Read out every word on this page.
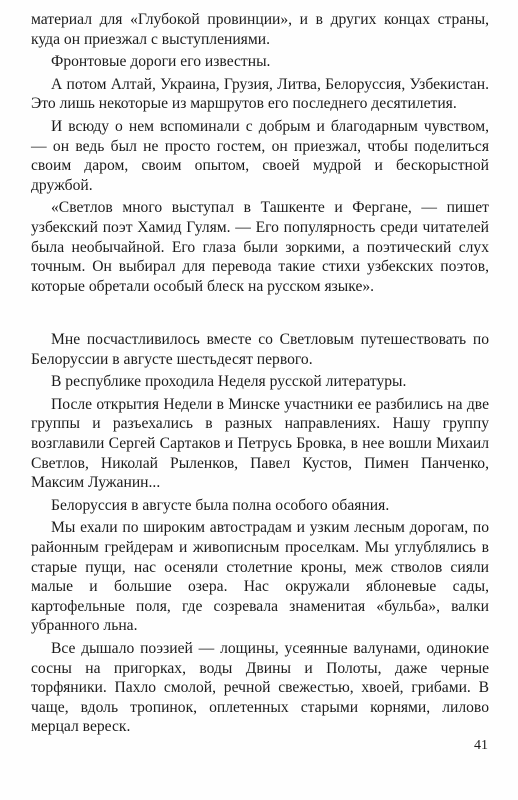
материал для «Глубокой провинции», и в других концах страны, куда он приезжал с выступлениями.

Фронтовые дороги его известны.

А потом Алтай, Украина, Грузия, Литва, Белоруссия, Узбекистан. Это лишь некоторые из маршрутов его последнего десятилетия.

И всюду о нем вспоминали с добрым и благодарным чувством, — он ведь был не просто гостем, он приезжал, чтобы поделиться своим даром, своим опытом, своей мудрой и бескорыстной дружбой.

«Светлов много выступал в Ташкенте и Фергане, — пишет узбекский поэт Хамид Гулям. — Его популярность среди читателей была необычайной. Его глаза были зоркими, а поэтический слух точным. Он выбирал для перевода такие стихи узбекских поэтов, которые обретали особый блеск на русском языке».

Мне посчастливилось вместе со Светловым путешествовать по Белоруссии в августе шестьдесят первого.

В республике проходила Неделя русской литературы.

После открытия Недели в Минске участники ее разбились на две группы и разъехались в разных направлениях. Нашу группу возглавили Сергей Сартаков и Петрусь Бровка, в нее вошли Михаил Светлов, Николай Рыленков, Павел Кустов, Пимен Панченко, Максим Лужанин...

Белоруссия в августе была полна особого обаяния.

Мы ехали по широким автострадам и узким лесным дорогам, по районным грейдерам и живописным проселкам. Мы углублялись в старые пущи, нас осеняли столетние кроны, меж стволов сияли малые и большие озера. Нас окружали яблоневые сады, картофельные поля, где созревала знаменитая «бульба», валки убранного льна.

Все дышало поэзией — лощины, усеянные валунами, одинокие сосны на пригорках, воды Двины и Полоты, даже черные торфяники. Пахло смолой, речной свежестью, хвоей, грибами. В чаще, вдоль тропинок, оплетенных старыми корнями, лилово мерцал вереск.

41
